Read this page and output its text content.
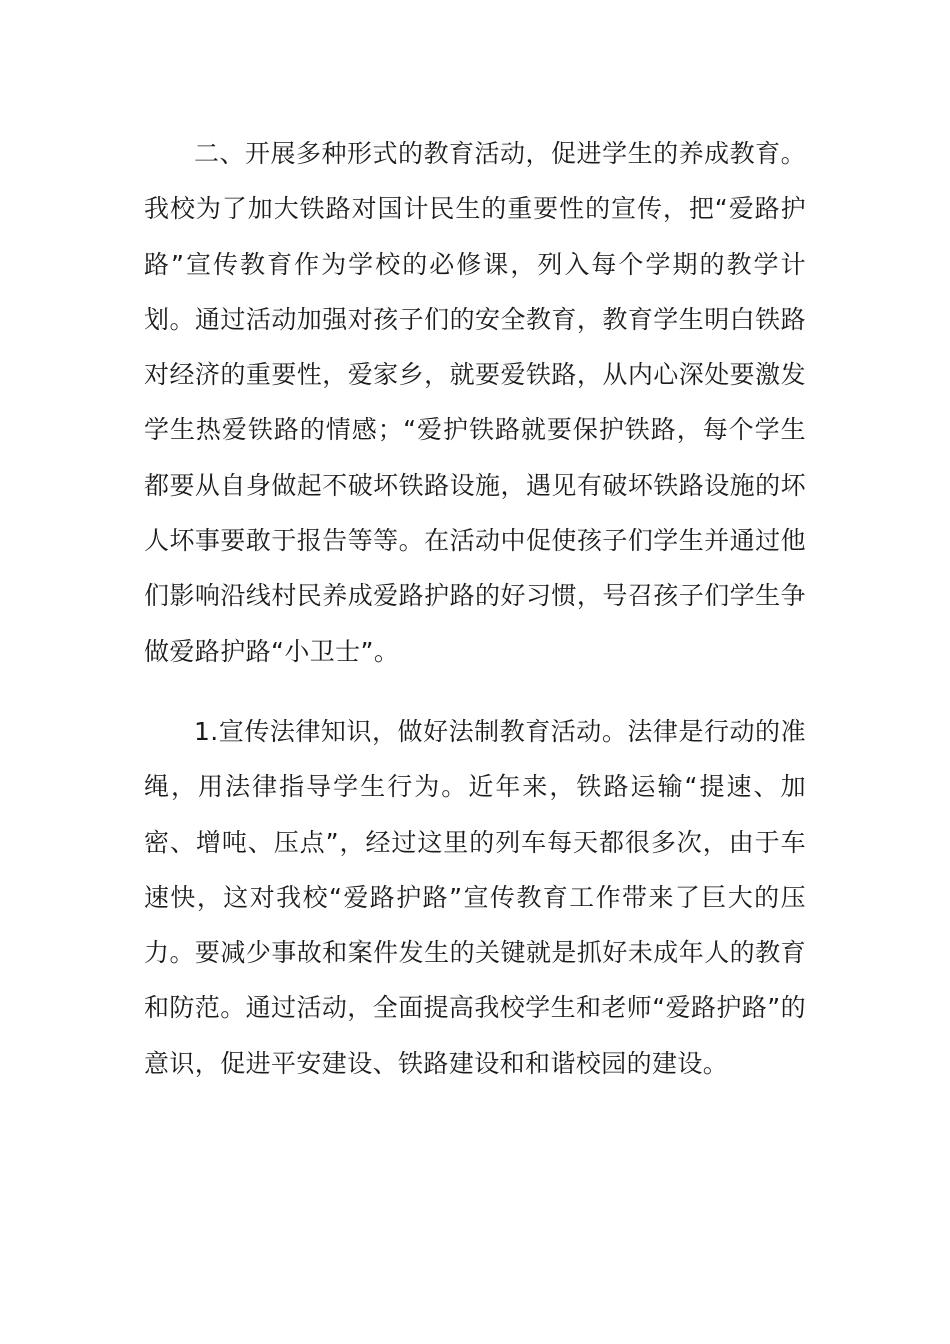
二、开展多种形式的教育活动，促进学生的养成教育。我校为了加大铁路对国计民生的重要性的宣传，把“爱路护路”宣传教育作为学校的必修课，列入每个学期的教学计划。通过活动加强对孩子们的安全教育，教育学生明白铁路对经济的重要性，爱家乡，就要爱铁路，从内心深处要激发学生热爱铁路的情感；“爱护铁路就要保护铁路，每个学生都要从自身做起不破坏铁路设施，遇见有破坏铁路设施的坏人坏事要敢于报告等等。在活动中促使孩子们学生并通过他们影响沿线村民养成爱路护路的好习惯，号召孩子们学生争做爱路护路“小卫士”。

1.宣传法律知识，做好法制教育活动。法律是行动的准绳，用法律指导学生行为。近年来，铁路运输“提速、加密、增吨、压点”，经过这里的列车每天都很多次，由于车速快，这对我校“爱路护路”宣传教育工作带来了巨大的压力。要减少事故和案件发生的关键就是抓好未成年人的教育和防范。通过活动，全面提高我校学生和老师“爱路护路”的意识，促进平安建设、铁路建设和和谐校园的建设。
